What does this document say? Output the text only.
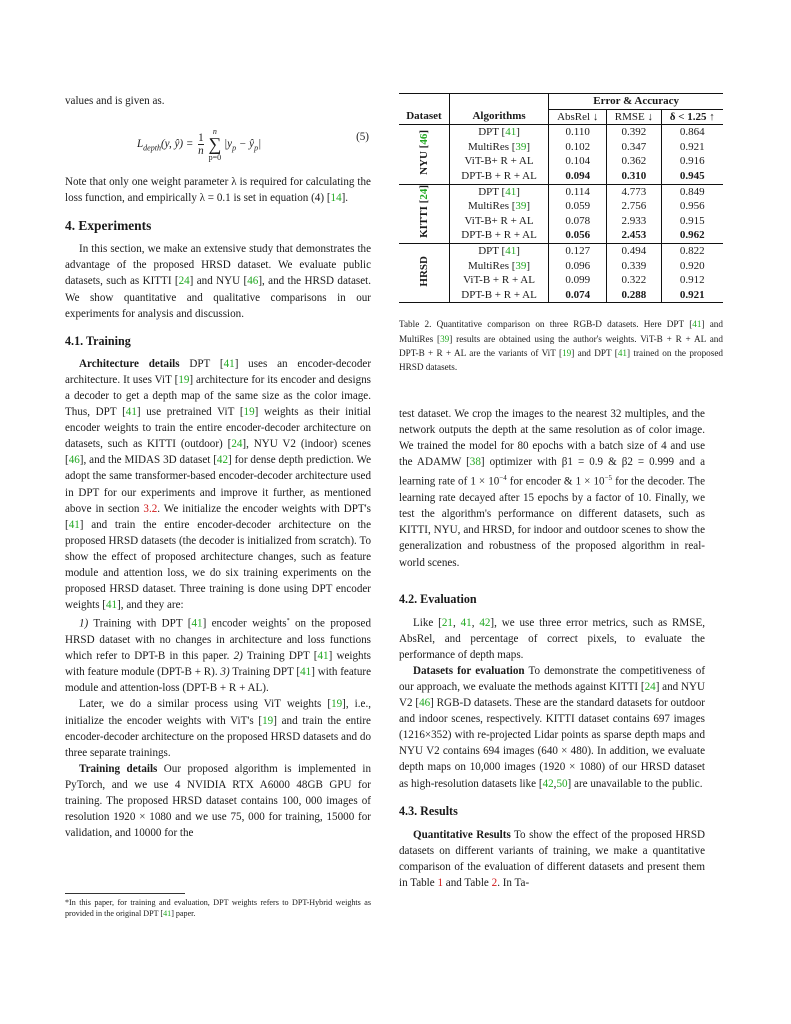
values and is given as.

$L_{depth}(y$, ŷ) = $\frac{1}{n}$

n
∑
p=0
$|y_p$ − $ŷ_p|$
(5)

Note that only one weight parameter λ is required for calculating the loss function, and empirically λ = 0.1 is set in equation (4) [14].

4. Experiments

In this section, we make an extensive study that demonstrates the advantage of the proposed HRSD dataset. We evaluate public datasets, such as KITTI [24] and NYU [46], and the HRSD dataset. We show quantitative and qualitative comparisons in our experiments for analysis and discussion.

4.1. Training

Architecture details DPT [41] uses an encoder-decoder architecture. It uses ViT [19] architecture for its encoder and designs a decoder to get a depth map of the same size as the color image. Thus, DPT [41] use pretrained ViT [19] weights as their initial encoder weights to train the entire encoder-decoder architecture on datasets, such as KITTI (outdoor) [24], NYU V2 (indoor) scenes [46], and the MIDAS 3D dataset [42] for dense depth prediction. We adopt the same transformer-based encoder-decoder architecture used in DPT for our experiments and improve it further, as mentioned above in section 3.2. We initialize the encoder weights with DPT's [41] and train the entire encoder-decoder architecture on the proposed HRSD datasets (the decoder is initialized from scratch). To show the effect of proposed architecture changes, such as feature module and attention loss, we do six training experiments on the proposed HRSD dataset. Three training is done using DPT encoder weights [41], and they are:

1) Training with DPT [41] encoder weights* on the proposed HRSD dataset with no changes in architecture and loss functions which refer to DPT-B in this paper. 2) Training DPT [41] weights with feature module (DPT-B + R). 3) Training DPT [41] with feature module and attention-loss (DPT-B + R + AL).

Later, we do a similar process using ViT weights [19], i.e., initialize the encoder weights with ViT's [19] and train the entire encoder-decoder architecture on the proposed HRSD datasets and do three separate trainings.

Training details Our proposed algorithm is implemented in PyTorch, and we use 4 NVIDIA RTX A6000 48GB GPU for training. The proposed HRSD dataset contains 100, 000 images of resolution 1920 × 1080 and we use 75, 000 for training, 15000 for validation, and 10000 for the

*In this paper, for training and evaluation, DPT weights refers to DPT-Hybrid weights as provided in the original DPT [41] paper.
		Error & Accuracy		
Dataset	Algorithms	AbsRel ↓	RMSE ↓	δ < 1.25 ↑
NYU [46]	DPT [41]	0.110	0.392	0.864
	MultiRes [39]	0.102	0.347	0.921
	ViT-B+ R + AL	0.104	0.362	0.916
	DPT-B + R + AL	0.094	0.310	0.945
KITTI [24]	DPT [41]	0.114	4.773	0.849
	MultiRes [39]	0.059	2.756	0.956
	ViT-B+ R + AL	0.078	2.933	0.915
	DPT-B + R + AL	0.056	2.453	0.962
HRSD	DPT [41]	0.127	0.494	0.822
	MultiRes [39]	0.096	0.339	0.920
	ViT-B + R + AL	0.099	0.322	0.912
	DPT-B + R + AL	0.074	0.288	0.921
Table 2. Quantitative comparison on three RGB-D datasets. Here DPT [41] and MultiRes [39] results are obtained using the author's weights. ViT-B + R + AL and DPT-B + R + AL are the variants of ViT [19] and DPT [41] trained on the proposed HRSD datasets.

test dataset. We crop the images to the nearest 32 multiples, and the network outputs the depth at the same resolution as of color image. We trained the model for 80 epochs with a batch size of 4 and use the ADAMW [38] optimizer with β1 = 0.9 & β2 = 0.999 and a learning rate of $1 \times 10^{-4}$ for encoder & $1 \times 10^{-5}$ for the decoder. The learning rate decayed after 15 epochs by a factor of 10. Finally, we test the algorithm's performance on different datasets, such as KITTI, NYU, and HRSD, for indoor and outdoor scenes to show the generalization and robustness of the proposed algorithm in real-world scenes.

4.2. Evaluation

Like [21, 41, 42], we use three error metrics, such as RMSE, AbsRel, and percentage of correct pixels, to evaluate the performance of depth maps.

Datasets for evaluation To demonstrate the competitiveness of our approach, we evaluate the methods against KITTI [24] and NYU V2 [46] RGB-D datasets. These are the standard datasets for outdoor and indoor scenes, respectively. KITTI dataset contains 697 images (1216×352) with re-projected Lidar points as sparse depth maps and NYU V2 contains 694 images (640 × 480). In addition, we evaluate depth maps on 10,000 images (1920 × 1080) of our HRSD dataset as high-resolution datasets like [42,50] are unavailable to the public.

4.3. Results

Quantitative Results To show the effect of the proposed HRSD datasets on different variants of training, we make a quantitative comparison of the evaluation of different datasets and present them in Table 1 and Table 2. In Ta-
